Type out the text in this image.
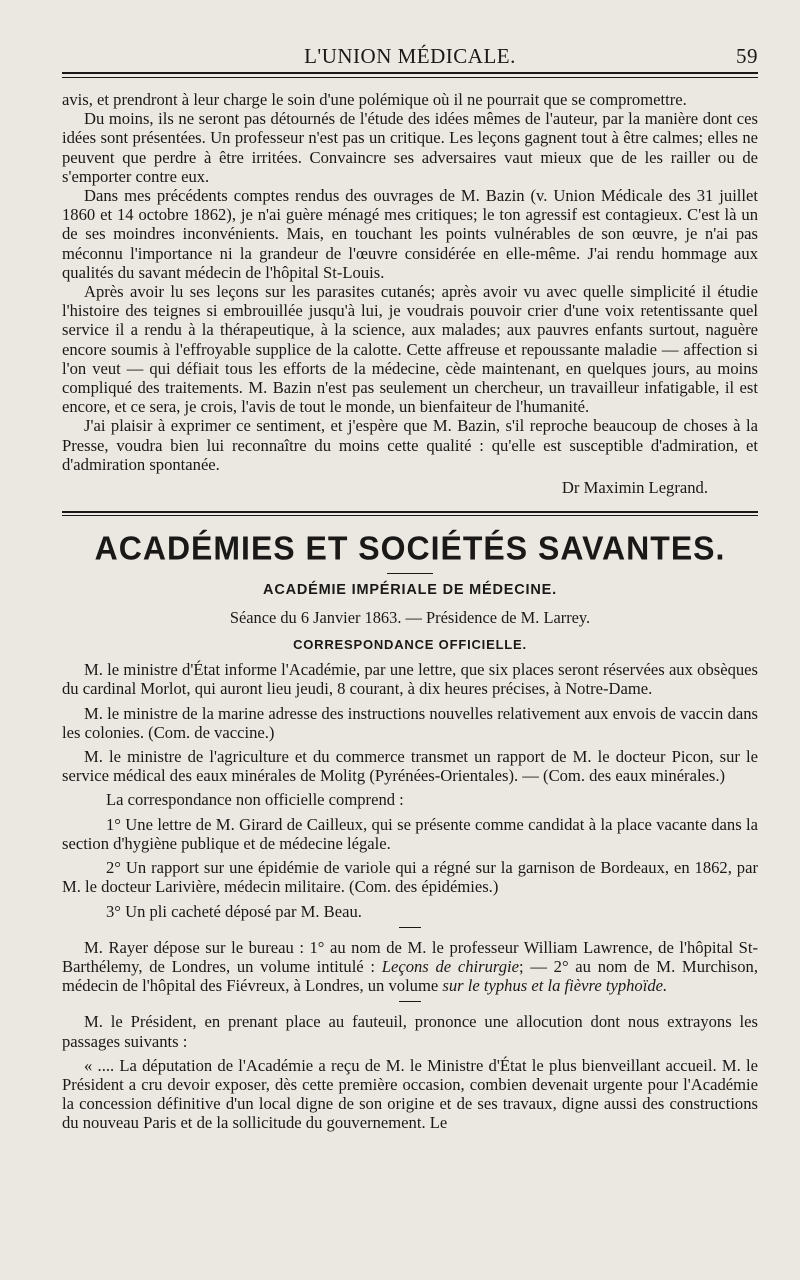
L'UNION MÉDICALE.	59

avis, et prendront à leur charge le soin d'une polémique où il ne pourrait que se compromettre.

Du moins, ils ne seront pas détournés de l'étude des idées mêmes de l'auteur, par la manière dont ces idées sont présentées. Un professeur n'est pas un critique. Les leçons gagnent tout à être calmes; elles ne peuvent que perdre à être irritées. Convaincre ses adversaires vaut mieux que de les railler ou de s'emporter contre eux.

Dans mes précédents comptes rendus des ouvrages de M. Bazin (v. Union Médicale des 31 juillet 1860 et 14 octobre 1862), je n'ai guère ménagé mes critiques; le ton agressif est contagieux. C'est là un de ses moindres inconvénients. Mais, en touchant les points vulnérables de son œuvre, je n'ai pas méconnu l'importance ni la grandeur de l'œuvre considérée en elle-même. J'ai rendu hommage aux qualités du savant médecin de l'hôpital St-Louis.

Après avoir lu ses leçons sur les parasites cutanés; après avoir vu avec quelle simplicité il étudie l'histoire des teignes si embrouillée jusqu'à lui, je voudrais pouvoir crier d'une voix retentissante quel service il a rendu à la thérapeutique, à la science, aux malades; aux pauvres enfants surtout, naguère encore soumis à l'effroyable supplice de la calotte. Cette affreuse et repoussante maladie — affection si l'on veut — qui défiait tous les efforts de la médecine, cède maintenant, en quelques jours, au moins compliqué des traitements. M. Bazin n'est pas seulement un chercheur, un travailleur infatigable, il est encore, et ce sera, je crois, l'avis de tout le monde, un bienfaiteur de l'humanité.

J'ai plaisir à exprimer ce sentiment, et j'espère que M. Bazin, s'il reproche beaucoup de choses à la Presse, voudra bien lui reconnaître du moins cette qualité : qu'elle est susceptible d'admiration, et d'admiration spontanée.

Dr Maximin Legrand.
ACADÉMIES ET SOCIÉTÉS SAVANTES.
ACADÉMIE IMPÉRIALE DE MÉDECINE.
Séance du 6 Janvier 1863. — Présidence de M. Larrey.
CORRESPONDANCE OFFICIELLE.

M. le ministre d'État informe l'Académie, par une lettre, que six places seront réservées aux obsèques du cardinal Morlot, qui auront lieu jeudi, 8 courant, à dix heures précises, à Notre-Dame.

M. le ministre de la marine adresse des instructions nouvelles relativement aux envois de vaccin dans les colonies. (Com. de vaccine.)

M. le ministre de l'agriculture et du commerce transmet un rapport de M. le docteur Picon, sur le service médical des eaux minérales de Molitg (Pyrénées-Orientales). — (Com. des eaux minérales.)

La correspondance non officielle comprend :

1° Une lettre de M. Girard de Cailleux, qui se présente comme candidat à la place vacante dans la section d'hygiène publique et de médecine légale.

2° Un rapport sur une épidémie de variole qui a régné sur la garnison de Bordeaux, en 1862, par M. le docteur Larivière, médecin militaire. (Com. des épidémies.)

3° Un pli cacheté déposé par M. Beau.

M. Rayer dépose sur le bureau : 1° au nom de M. le professeur William Lawrence, de l'hôpital St-Barthélemy, de Londres, un volume intitulé : Leçons de chirurgie; — 2° au nom de M. Murchison, médecin de l'hôpital des Fiévreux, à Londres, un volume sur le typhus et la fièvre typhoïde.

M. le Président, en prenant place au fauteuil, prononce une allocution dont nous extrayons les passages suivants :

« .... La députation de l'Académie a reçu de M. le Ministre d'État le plus bienveillant accueil. M. le Président a cru devoir exposer, dès cette première occasion, combien devenait urgente pour l'Académie la concession définitive d'un local digne de son origine et de ses travaux, digne aussi des constructions du nouveau Paris et de la sollicitude du gouvernement. Le
